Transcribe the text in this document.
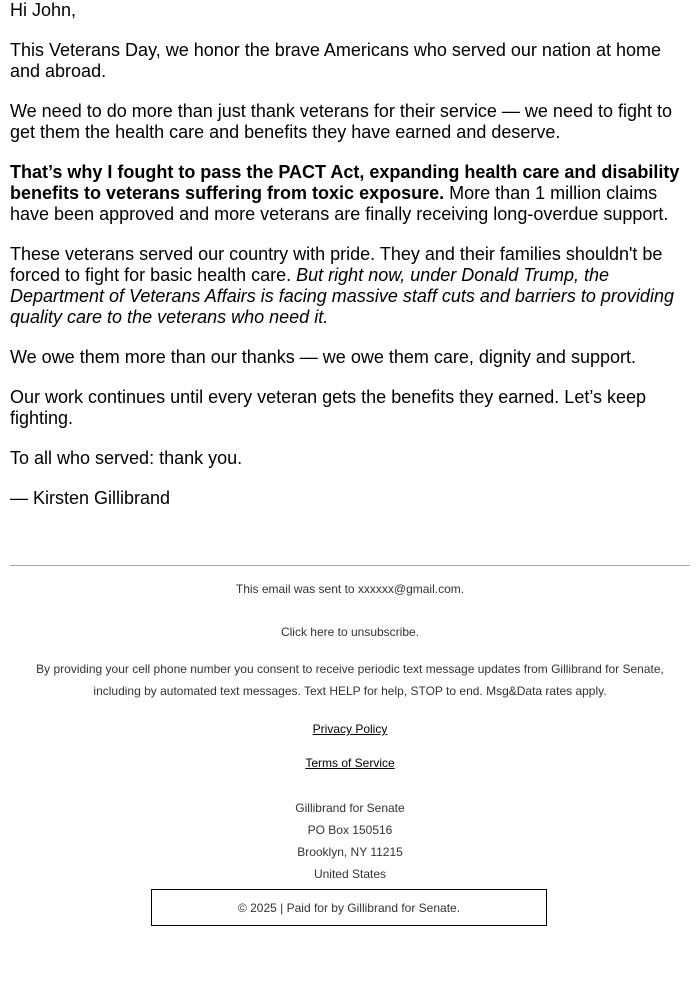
Hi John,

This Veterans Day, we honor the brave Americans who served our nation at home and abroad.

We need to do more than just thank veterans for their service — we need to fight to get them the health care and benefits they have earned and deserve.

That’s why I fought to pass the PACT Act, expanding health care and disability benefits to veterans suffering from toxic exposure. More than 1 million claims have been approved and more veterans are finally receiving long-overdue support.

These veterans served our country with pride. They and their families shouldn't be forced to fight for basic health care. But right now, under Donald Trump, the Department of Veterans Affairs is facing massive staff cuts and barriers to providing quality care to the veterans who need it.

We owe them more than our thanks — we owe them care, dignity and support.

Our work continues until every veteran gets the benefits they earned. Let’s keep fighting.

To all who served: thank you.

— Kirsten Gillibrand

This email was sent to xxxxxx@gmail.com.

Click here to unsubscribe.

By providing your cell phone number you consent to receive periodic text message updates from Gillibrand for Senate, including by automated text messages. Text HELP for help, STOP to end. Msg&Data rates apply.

Privacy Policy

Terms of Service

Gillibrand for Senate

PO Box 150516

Brooklyn, NY 11215

United States

© 2025 | Paid for by Gillibrand for Senate.
